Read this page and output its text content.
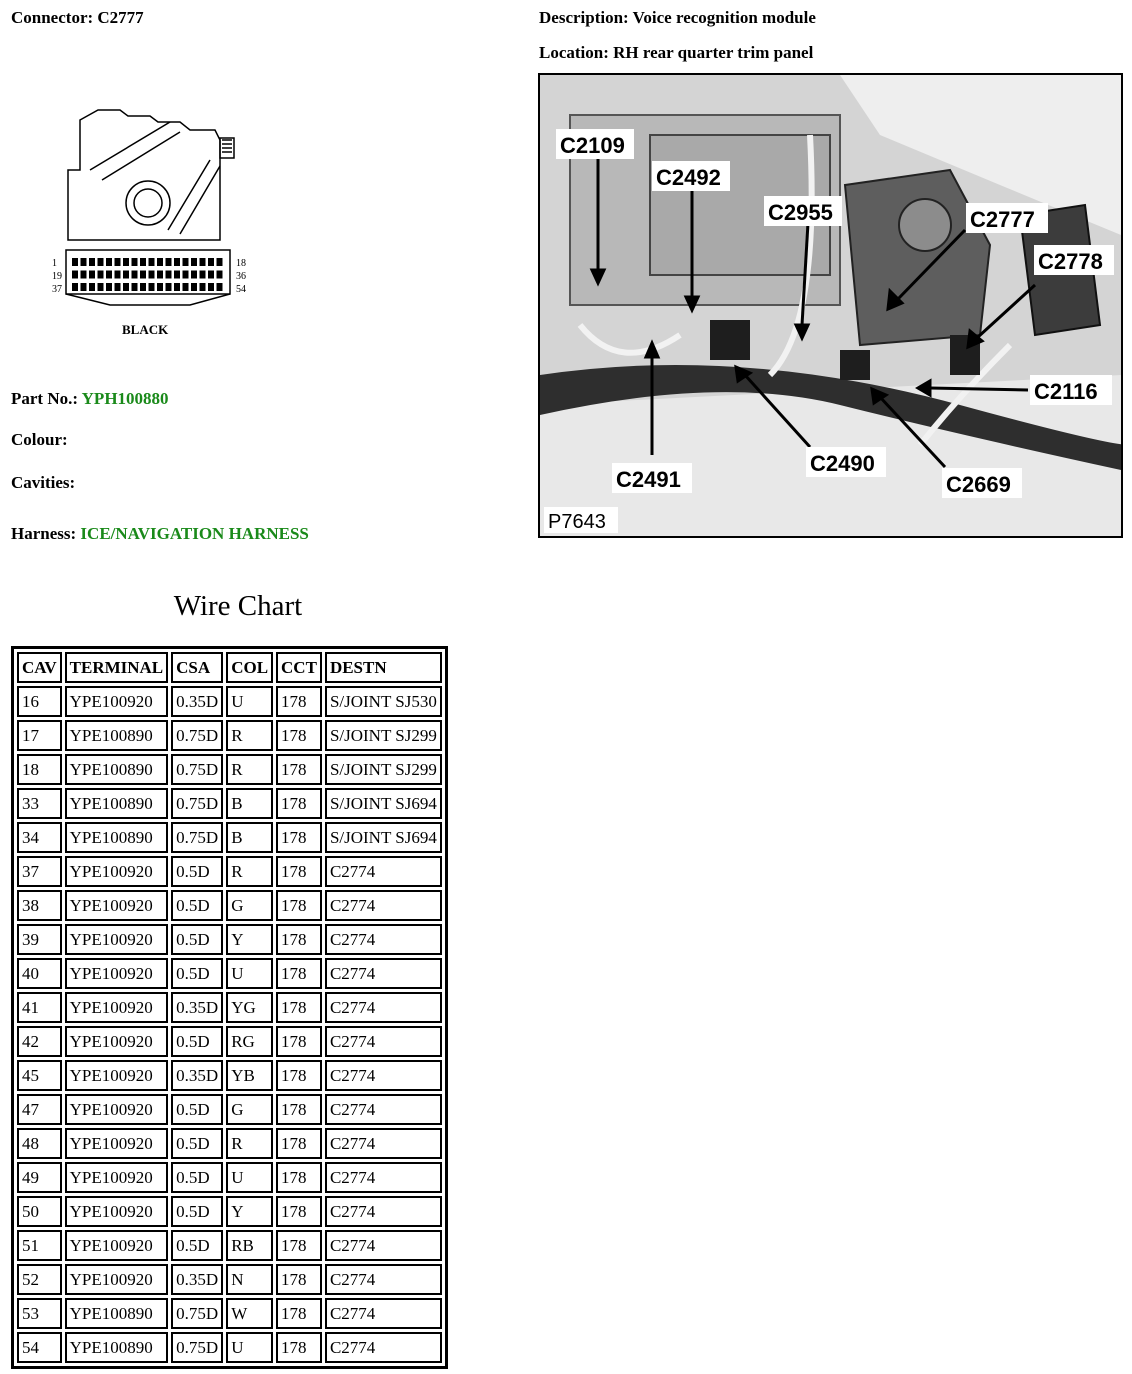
Connector: C2777	Description: Voice recognition module
Location: RH rear quarter trim panel
1
19
37
18
36
54
BLACK
C2109
C2492
C2955	C2777
C2778
C2116
C2491
C2490
C2669
P7643
Part No.: YPH100880
Colour:
Cavities:
Harness: ICE/NAVIGATION HARNESS
Wire Chart
CAV	TERMINAL	CSA	COL	CCT	DESTN
16	YPE100920	0.35D	U	178	S/JOINT SJ530
17	YPE100890	0.75D	R	178	S/JOINT SJ299
18	YPE100890	0.75D	R	178	S/JOINT SJ299
33	YPE100890	0.75D	B	178	S/JOINT SJ694
34	YPE100890	0.75D	B	178	S/JOINT SJ694
37	YPE100920	0.5D	R	178	C2774
38	YPE100920	0.5D	G	178	C2774
39	YPE100920	0.5D	Y	178	C2774
40	YPE100920	0.5D	U	178	C2774
41	YPE100920	0.35D	YG	178	C2774
42	YPE100920	0.5D	RG	178	C2774
45	YPE100920	0.35D	YB	178	C2774
47	YPE100920	0.5D	G	178	C2774
48	YPE100920	0.5D	R	178	C2774
49	YPE100920	0.5D	U	178	C2774
50	YPE100920	0.5D	Y	178	C2774
51	YPE100920	0.5D	RB	178	C2774
52	YPE100920	0.35D	N	178	C2774
53	YPE100890	0.75D	W	178	C2774
54	YPE100890	0.75D	U	178	C2774
